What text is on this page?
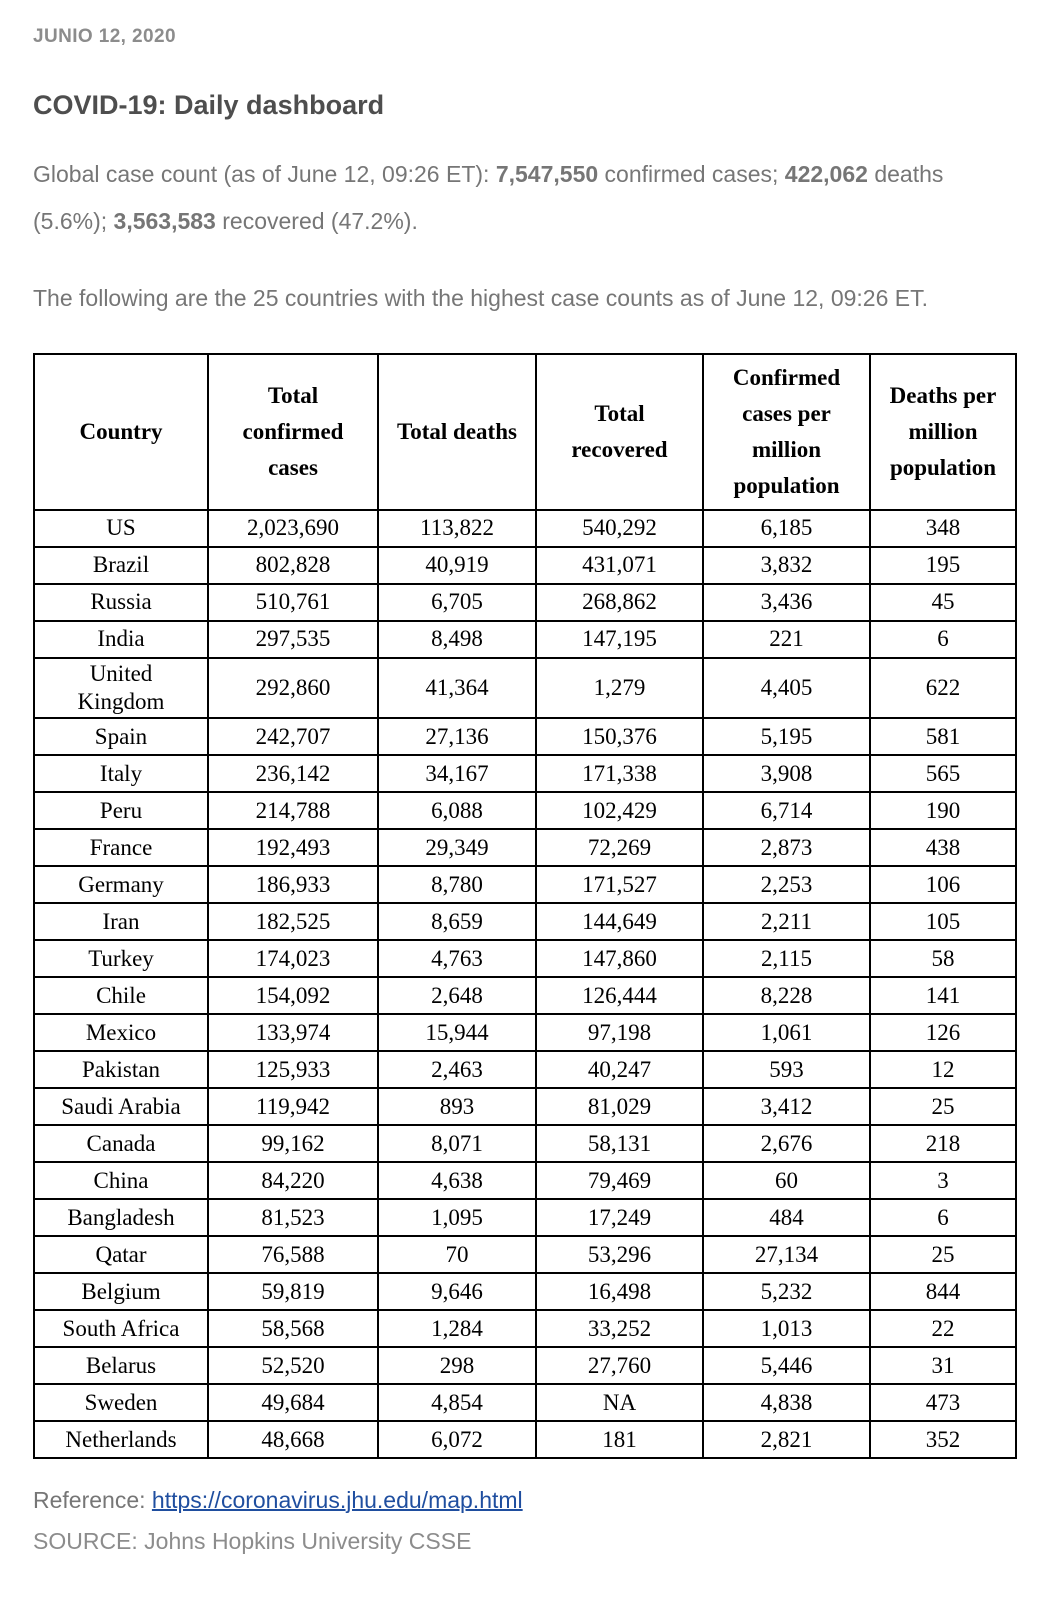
JUNIO 12, 2020
COVID-19: Daily dashboard

Global case count (as of June 12, 09:26 ET): 7,547,550 confirmed cases; 422,062 deaths (5.6%); 3,563,583 recovered (47.2%).

The following are the 25 countries with the highest case counts as of June 12, 09:26 ET.

Country	Total confirmed cases	Total deaths	Total recovered	Confirmed cases per million population	Deaths per million population
US	2,023,690	113,822	540,292	6,185	348
Brazil	802,828	40,919	431,071	3,832	195
Russia	510,761	6,705	268,862	3,436	45
India	297,535	8,498	147,195	221	6
United Kingdom	292,860	41,364	1,279	4,405	622
Spain	242,707	27,136	150,376	5,195	581
Italy	236,142	34,167	171,338	3,908	565
Peru	214,788	6,088	102,429	6,714	190
France	192,493	29,349	72,269	2,873	438
Germany	186,933	8,780	171,527	2,253	106
Iran	182,525	8,659	144,649	2,211	105
Turkey	174,023	4,763	147,860	2,115	58
Chile	154,092	2,648	126,444	8,228	141
Mexico	133,974	15,944	97,198	1,061	126
Pakistan	125,933	2,463	40,247	593	12
Saudi Arabia	119,942	893	81,029	3,412	25
Canada	99,162	8,071	58,131	2,676	218
China	84,220	4,638	79,469	60	3
Bangladesh	81,523	1,095	17,249	484	6
Qatar	76,588	70	53,296	27,134	25
Belgium	59,819	9,646	16,498	5,232	844
South Africa	58,568	1,284	33,252	1,013	22
Belarus	52,520	298	27,760	5,446	31
Sweden	49,684	4,854	NA	4,838	473
Netherlands	48,668	6,072	181	2,821	352
Reference: https://coronavirus.jhu.edu/map.html
SOURCE: Johns Hopkins University CSSE
